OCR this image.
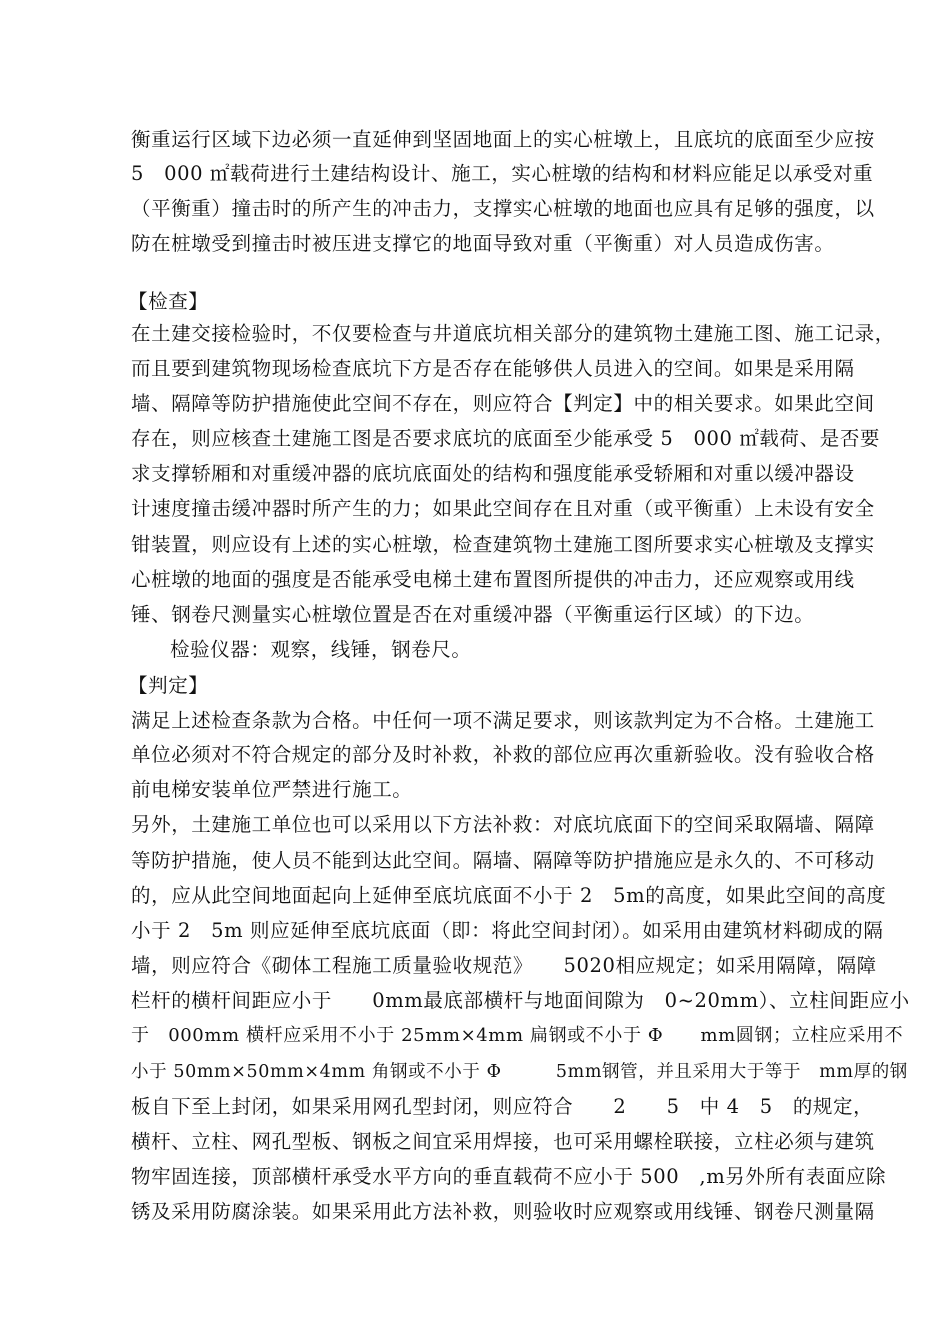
衡重运行区域下边必须一直延伸到坚固地面上的实心桩墩上，且底坑的底面至少应按
5　000 ㎡载荷进行土建结构设计、施工，实心桩墩的结构和材料应能足以承受对重
（平衡重）撞击时的所产生的冲击力，支撑实心桩墩的地面也应具有足够的强度，以
防在桩墩受到撞击时被压进支撑它的地面导致对重（平衡重）对人员造成伤害。
【检查】
在土建交接检验时，不仅要检查与井道底坑相关部分的建筑物土建施工图、施工记录，
而且要到建筑物现场检查底坑下方是否存在能够供人员进入的空间。如果是采用隔
墙、隔障等防护措施使此空间不存在，则应符合【判定】中的相关要求。如果此空间
存在，则应核查土建施工图是否要求底坑的底面至少能承受 5　000 ㎡载荷、是否要
求支撑轿厢和对重缓冲器的底坑底面处的结构和强度能承受轿厢和对重以缓冲器设
计速度撞击缓冲器时所产生的力；如果此空间存在且对重（或平衡重）上未设有安全
钳装置，则应设有上述的实心桩墩，检查建筑物土建施工图所要求实心桩墩及支撑实
心桩墩的地面的强度是否能承受电梯土建布置图所提供的冲击力，还应观察或用线
锤、钢卷尺测量实心桩墩位置是否在对重缓冲器（平衡重运行区域）的下边。
检验仪器：观察，线锤，钢卷尺。
【判定】
满足上述检查条款为合格。中任何一项不满足要求，则该款判定为不合格。土建施工
单位必须对不符合规定的部分及时补救，补救的部位应再次重新验收。没有验收合格
前电梯安装单位严禁进行施工。
另外，土建施工单位也可以采用以下方法补救：对底坑底面下的空间采取隔墙、隔障
等防护措施，使人员不能到达此空间。隔墙、隔障等防护措施应是永久的、不可移动
的，应从此空间地面起向上延伸至底坑底面不小于 2　5m的高度，如果此空间的高度
小于 2　5m 则应延伸至底坑底面（即：将此空间封闭）。如采用由建筑材料砌成的隔
墙，则应符合《砌体工程施工质量验收规范》　　5020相应规定；如采用隔障，隔障
栏杆的横杆间距应小于　　0mm最底部横杆与地面间隙为　0~20mm）、立柱间距应小
于　000mm 横杆应采用不小于 25mm×4mm 扁钢或不小于 Φ　　mm圆钢；立柱应采用不
小于 50mm×50mm×4mm 角钢或不小于 Φ　　　5mm钢管，并且采用大于等于　mm厚的钢
板自下至上封闭，如果采用网孔型封闭，则应符合　　2　　5　中 4　5　的规定，
横杆、立柱、网孔型板、钢板之间宜采用焊接，也可采用螺栓联接，立柱必须与建筑
物牢固连接，顶部横杆承受水平方向的垂直载荷不应小于 500　,m另外所有表面应除
锈及采用防腐涂装。如果采用此方法补救，则验收时应观察或用线锤、钢卷尺测量隔
